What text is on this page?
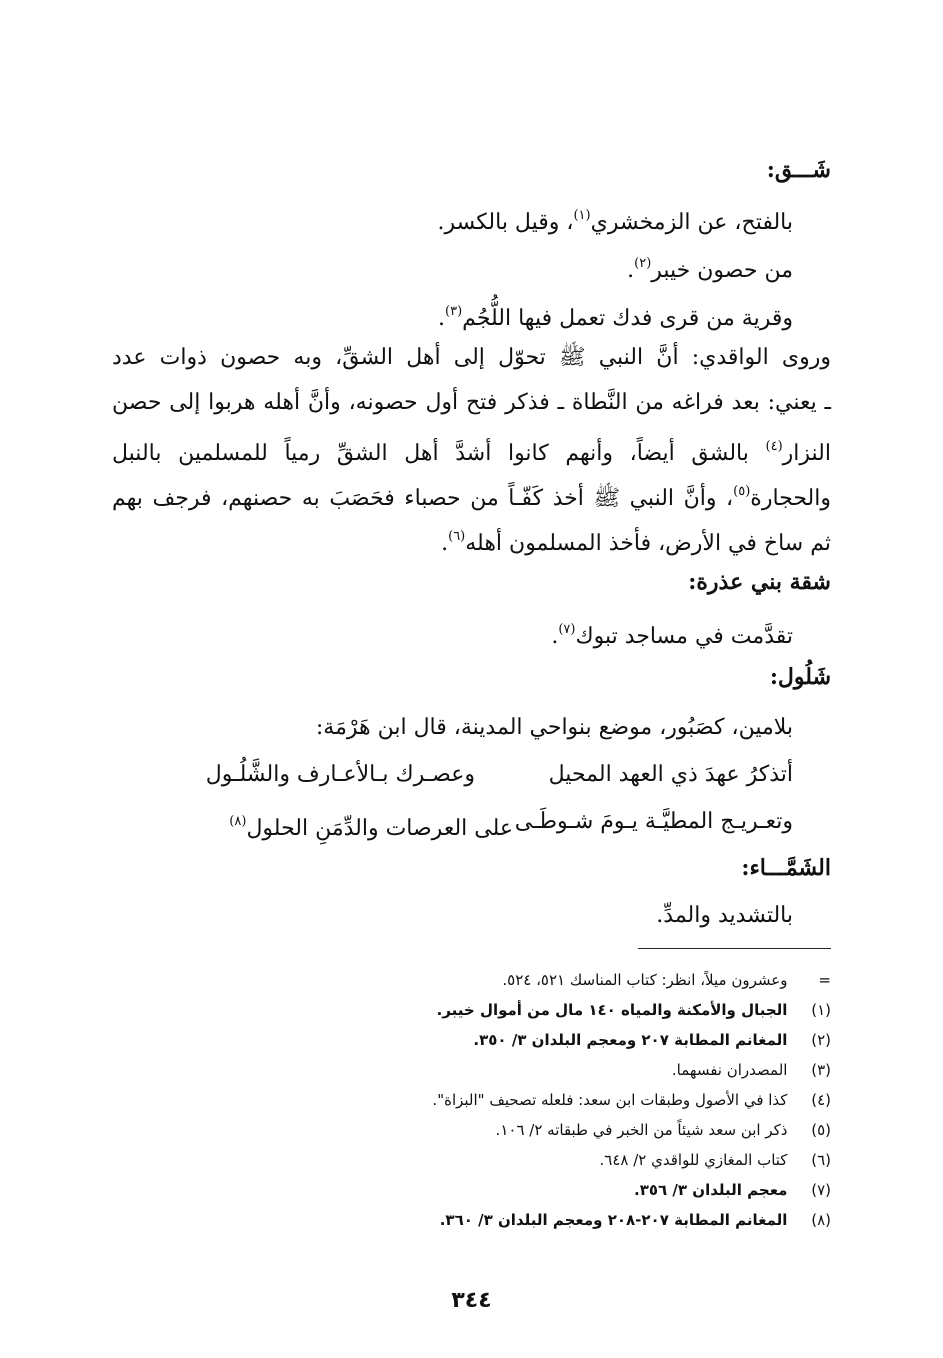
شَـــق:
بالفتح، عن الزمخشري$^{(١)}$، وقيل بالكسر.
من حصون خيبر$^{(٢)}$.
وقرية من قرى فدك تعمل فيها اللُّجُم$^{(٣)}$.
وروى الواقدي: أنَّ النبي ﷺ تحوّل إلى أهل الشقِّ، وبه حصون ذوات عدد
ـ يعني: بعد فراغه من النَّطاة ـ فذكر فتح أول حصونه، وأنَّ أهله هربوا إلى حصن
النزار$^{(٤)}$ بالشق أيضاً، وأنهم كانوا أشدَّ أهل الشقِّ رمياً للمسلمين بالنبل
والحجارة$^{(٥)}$، وأنَّ النبي ﷺ أخذ كَفّـاً من حصباء فحَصَبَ به حصنهم، فرجف بهم
ثم ساخ في الأرض، فأخذ المسلمون أهله$^{(٦)}$.
شقة بني عذرة:
تقدَّمت في مساجد تبوك$^{(٧)}$.
شَلُول:
بلامين، كصَبُور، موضع بنواحي المدينة، قال ابن هَرْمَة:
أتذكرُ عهدَ ذي العهد المحيل
وعصـرك بـالأعـارف والشَّلُـول
وتعـريـج المطيَّـة يـومَ شـوطَـى
على العرصات والدِّمَنِ الحلول$^{(٨)}$
الشَمَّـــاء:
بالتشديد والمدِّ.
=  وعشرون ميلاً، انظر: كتاب المناسك ٥٢١، ٥٢٤.
(١)  الجبال والأمكنة والمياه ١٤٠ مال من أموال خيبر.
(٢)  المغانم المطابة ٢٠٧ ومعجم البلدان ٣/ ٣٥٠.
(٣)  المصدران نفسهما.
(٤)  كذا في الأصول وطبقات ابن سعد: فلعله تصحيف "البزاة".
(٥)  ذكر ابن سعد شيئاً من الخبر في طبقاته ٢/ ١٠٦.
(٦)  كتاب المغازي للواقدي ٢/ ٦٤٨.
(٧)  معجم البلدان ٣/ ٣٥٦.
(٨)  المغانم المطابة ٢٠٧-٢٠٨ ومعجم البلدان ٣/ ٣٦٠.
٣٤٤
